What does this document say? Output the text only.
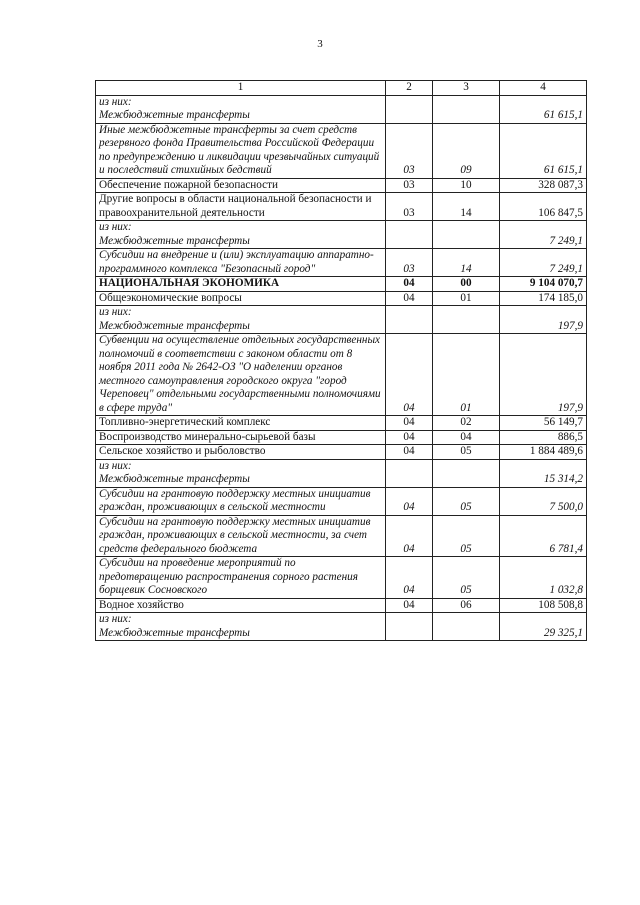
3
1	2	3	4
из них:
Межбюджетные трансферты			61 615,1
Иные межбюджетные трансферты за счет средств резервного фонда Правительства Российской Федерации по предупреждению и ликвидации чрезвычайных ситуаций и последствий стихийных бедствий	03	09	61 615,1
Обеспечение пожарной безопасности	03	10	328 087,3
Другие вопросы в области национальной безопасности и правоохранительной деятельности	03	14	106 847,5
из них:
Межбюджетные трансферты			7 249,1
Субсидии на внедрение и (или) эксплуатацию аппаратно-программного комплекса "Безопасный город"	03	14	7 249,1
НАЦИОНАЛЬНАЯ ЭКОНОМИКА	04	00	9 104 070,7
Общеэкономические вопросы	04	01	174 185,0
из них:
Межбюджетные трансферты			197,9
Субвенции на осуществление отдельных государственных полномочий в соответствии с законом области от 8 ноября 2011 года № 2642-ОЗ "О наделении органов местного самоуправления городского округа "город Череповец" отдельными государственными полномочиями в сфере труда"	04	01	197,9
Топливно-энергетический комплекс	04	02	56 149,7
Воспроизводство минерально-сырьевой базы	04	04	886,5
Сельское хозяйство и рыболовство	04	05	1 884 489,6
из них:
Межбюджетные трансферты			15 314,2
Субсидии на грантовую поддержку местных инициатив граждан, проживающих в сельской местности	04	05	7 500,0
Субсидии на грантовую поддержку местных инициатив граждан, проживающих в сельской местности, за счет средств федерального бюджета	04	05	6 781,4
Субсидии на проведение мероприятий по предотвращению распространения сорного растения борщевик Сосновского	04	05	1 032,8
Водное хозяйство	04	06	108 508,8
из них:
Межбюджетные трансферты			29 325,1
